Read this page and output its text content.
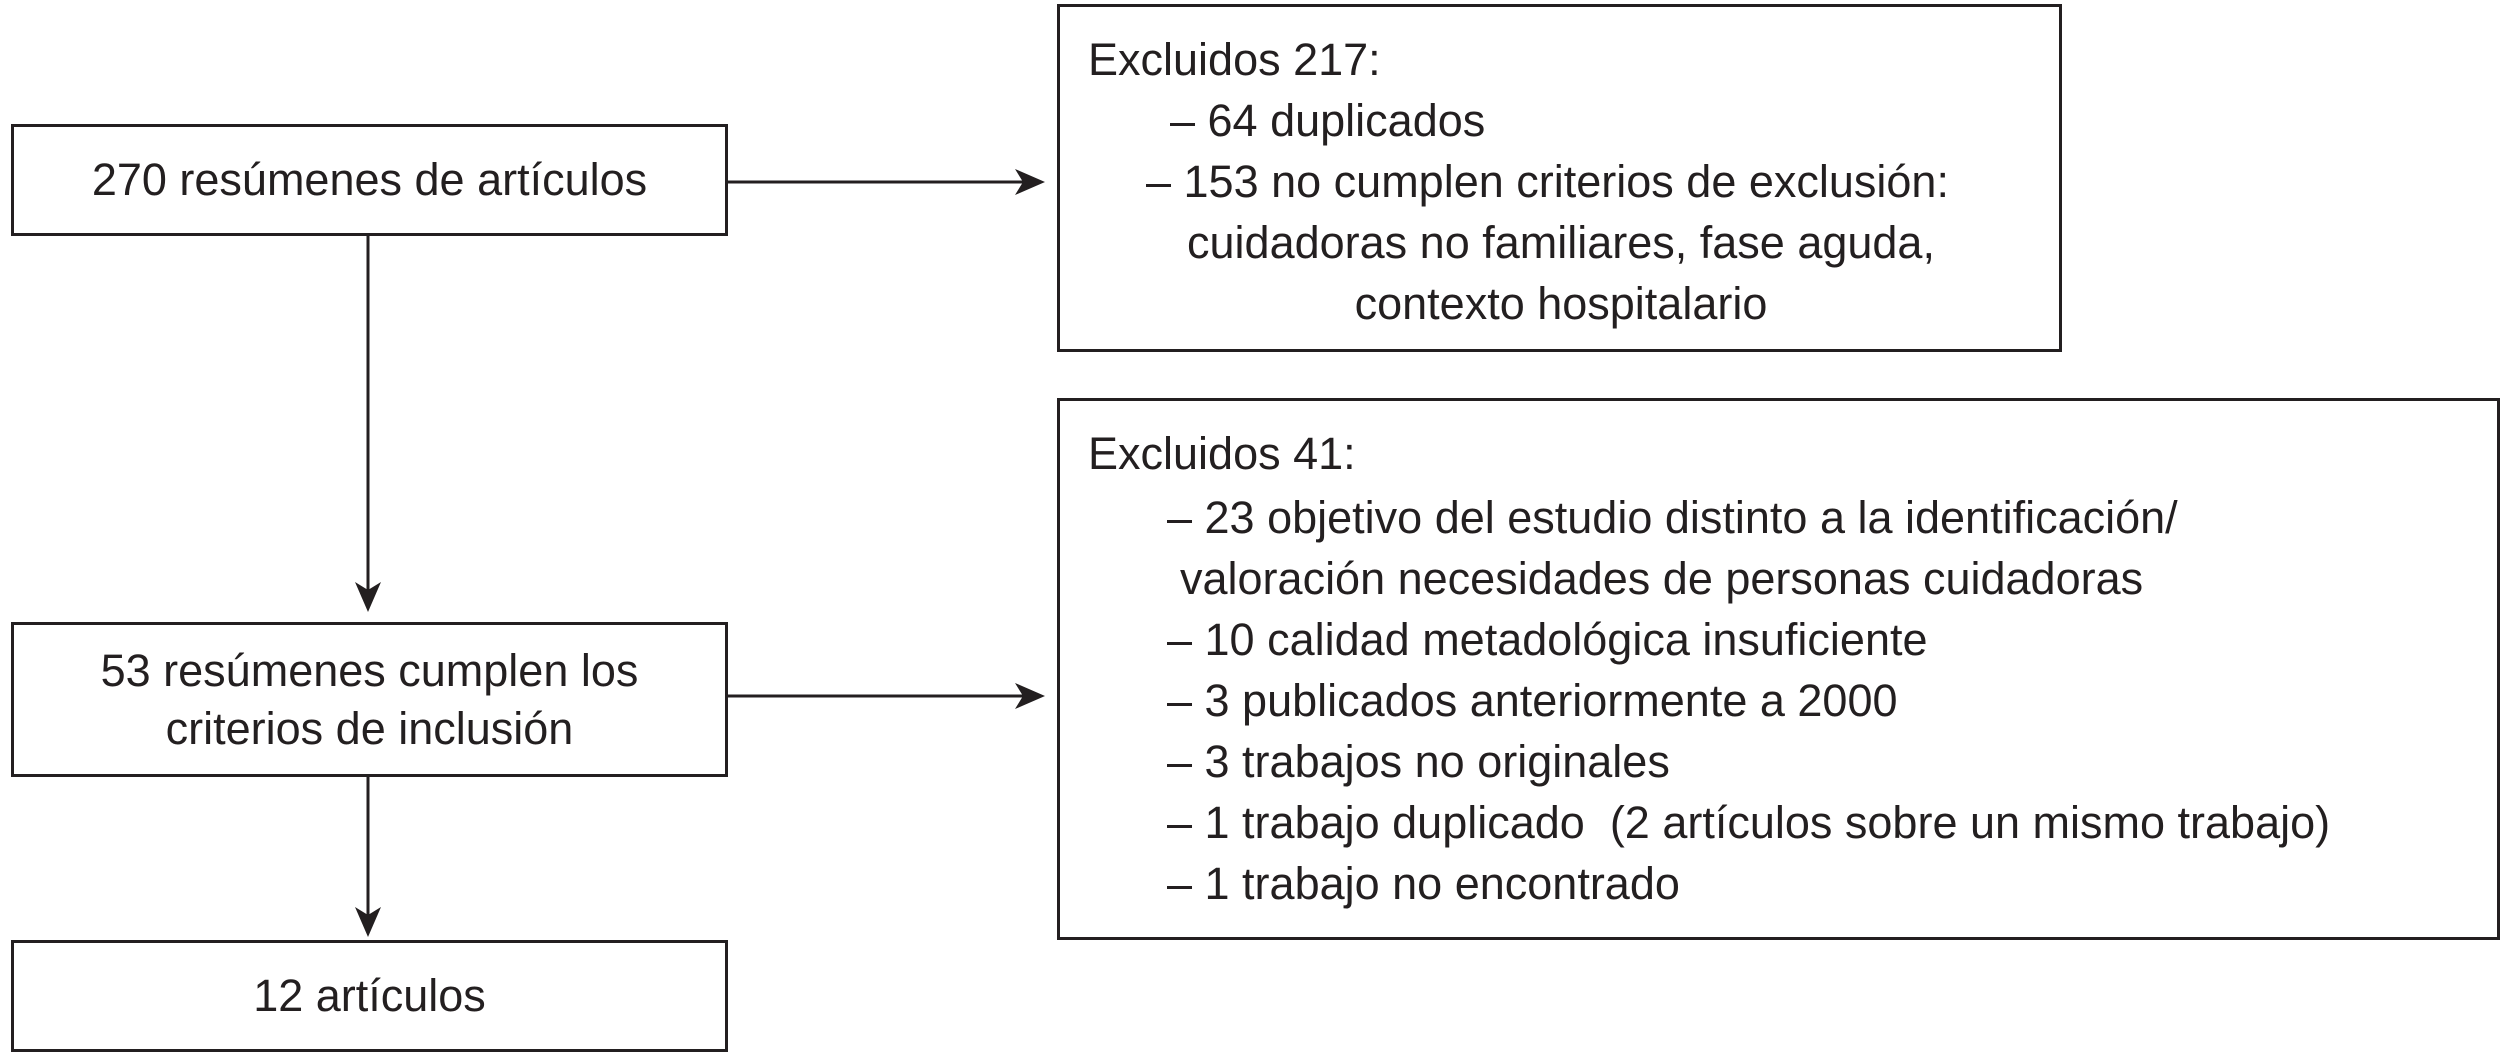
270 resúmenes de artículos
53 resúmenes cumplen los
criterios de inclusión
12 artículos
Excluidos 217:
– 64 duplicados
– 153 no cumplen criterios de exclusión:
cuidadoras no familiares, fase aguda,
contexto hospitalario
Excluidos 41:
– 23 objetivo del estudio distinto a la identificación/
valoración necesidades de personas cuidadoras
– 10 calidad metadológica insuficiente
– 3 publicados anteriormente a 2000
– 3 trabajos no originales
– 1 trabajo duplicado  (2 artículos sobre un mismo trabajo)
– 1 trabajo no encontrado
